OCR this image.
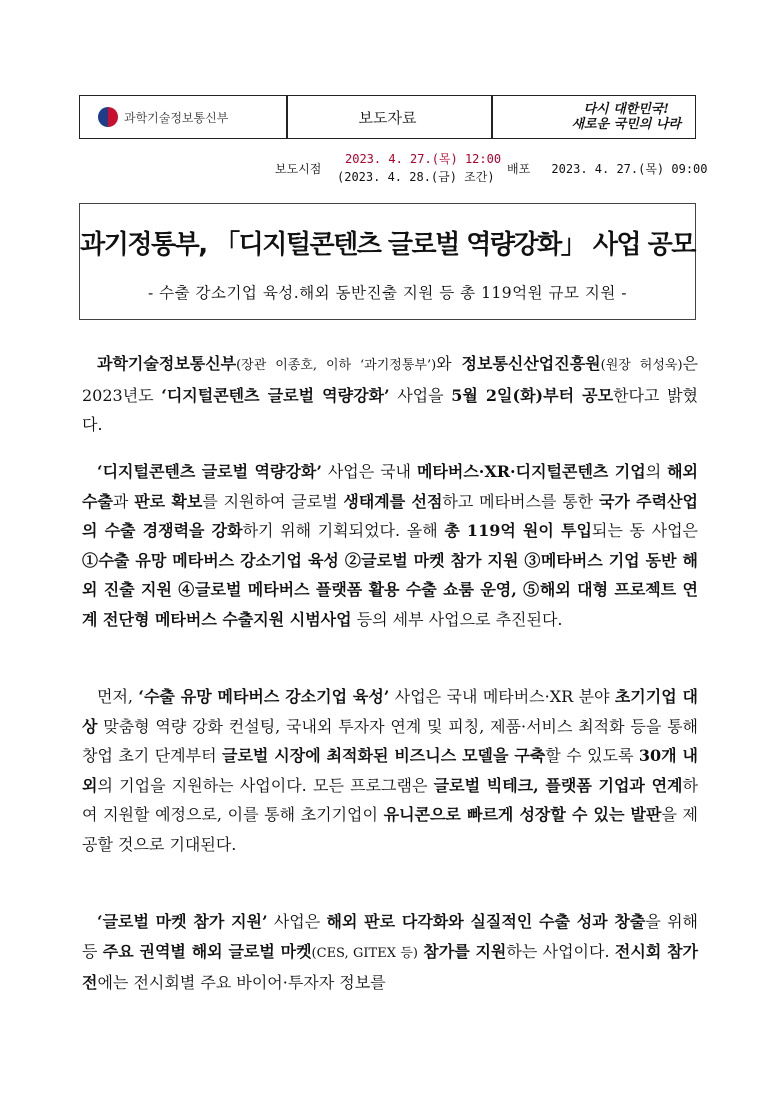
과학기술정보통신부	보도자료	다시 대한민국!
새로운 국민의 나라
보도시점
2023. 4. 27.(목) 12:00
(2023. 4. 28.(금) 조간)
배포 2023. 4. 27.(목) 09:00
과기정통부, 「디지털콘텐츠 글로벌 역량강화」 사업 공모
- 수출 강소기업 육성.해외 동반진출 지원 등 총 119억원 규모 지원 -
과학기술정보통신부(장관 이종호, 이하 ‘과기정통부’)와 정보통신산업진흥원(원장 허성욱)은 2023년도 ‘디지털콘텐츠 글로벌 역량강화’ 사업을 5월 2일(화)부터 공모한다고 밝혔다.
‘디지털콘텐츠 글로벌 역량강화’ 사업은 국내 메타버스·XR·디지털콘텐츠 기업의 해외수출과 판로 확보를 지원하여 글로벌 생태계를 선점하고 메타버스를 통한 국가 주력산업의 수출 경쟁력을 강화하기 위해 기획되었다. 올해 총 119억 원이 투입되는 동 사업은 ①수출 유망 메타버스 강소기업 육성 ②글로벌 마켓 참가 지원 ③메타버스 기업 동반 해외 진출 지원 ④글로벌 메타버스 플랫폼 활용 수출 쇼룸 운영, ⑤해외 대형 프로젝트 연계 전단형 메타버스 수출지원 시범사업 등의 세부 사업으로 추진된다.
먼저, ‘수출 유망 메타버스 강소기업 육성’ 사업은 국내 메타버스·XR 분야 초기기업 대상 맞춤형 역량 강화 컨설팅, 국내외 투자자 연계 및 피칭, 제품·서비스 최적화 등을 통해 창업 초기 단계부터 글로벌 시장에 최적화된 비즈니스 모델을 구축할 수 있도록 30개 내외의 기업을 지원하는 사업이다. 모든 프로그램은 글로벌 빅테크, 플랫폼 기업과 연계하여 지원할 예정으로, 이를 통해 초기기업이 유니콘으로 빠르게 성장할 수 있는 발판을 제공할 것으로 기대된다.
‘글로벌 마켓 참가 지원’ 사업은 해외 판로 다각화와 실질적인 수출 성과 창출을 위해 등 주요 권역별 해외 글로벌 마켓(CES, GITEX 등) 참가를 지원하는 사업이다. 전시회 참가 전에는 전시회별 주요 바이어·투자자 정보를
